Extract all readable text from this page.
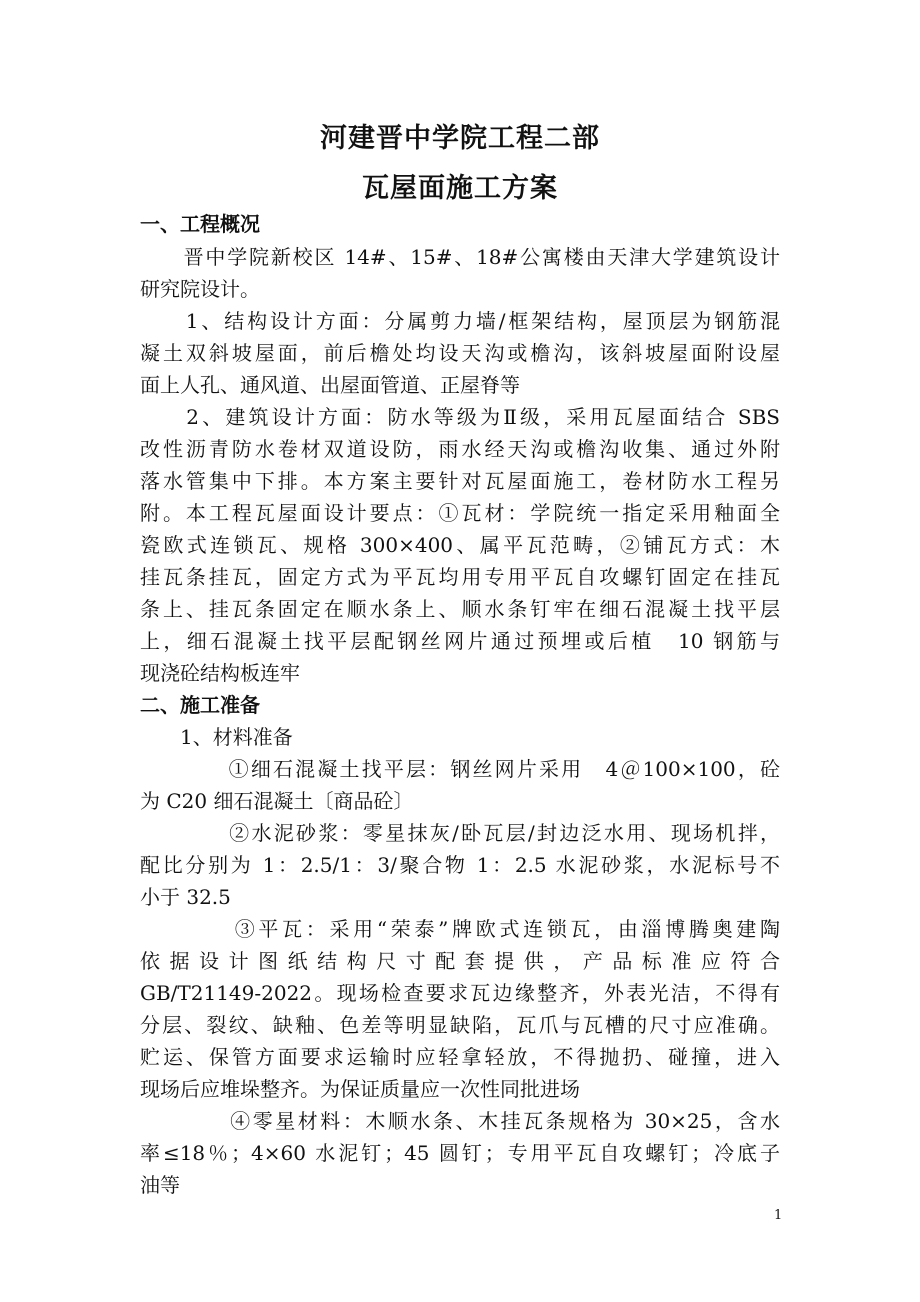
河建晋中学院工程二部
瓦屋面施工方案
一、工程概况
　　晋中学院新校区 14#、15#、18#公寓楼由天津大学建筑设计
研究院设计。
　　1、结构设计方面：分属剪力墙/框架结构，屋顶层为钢筋混
凝土双斜坡屋面，前后檐处均设天沟或檐沟，该斜坡屋面附设屋
面上人孔、通风道、出屋面管道、正屋脊等
　　2、建筑设计方面：防水等级为Ⅱ级，采用瓦屋面结合 SBS
改性沥青防水卷材双道设防，雨水经天沟或檐沟收集、通过外附
落水管集中下排。本方案主要针对瓦屋面施工，卷材防水工程另
附。本工程瓦屋面设计要点：①瓦材：学院统一指定采用釉面全
瓷欧式连锁瓦、规格 300×400、属平瓦范畴，②铺瓦方式：木
挂瓦条挂瓦，固定方式为平瓦均用专用平瓦自攻螺钉固定在挂瓦
条上、挂瓦条固定在顺水条上、顺水条钉牢在细石混凝土找平层
上，细石混凝土找平层配钢丝网片通过预埋或后植　10 钢筋与
现浇砼结构板连牢
二、施工准备
　　1、材料准备
　　　　①细石混凝土找平层：钢丝网片采用　4＠100×100，砼
为 C20 细石混凝土〔商品砼〕
　　　　②水泥砂浆：零星抹灰/卧瓦层/封边泛水用、现场机拌，
配比分别为 1：2.5/1：3/聚合物 1：2.5 水泥砂浆，水泥标号不
小于 32.5
　　　　③平瓦：采用“荣泰”牌欧式连锁瓦，由淄博腾奥建陶
依据设计图纸结构尺寸配套提供，产品标准应符合
GB/T21149-2022。现场检查要求瓦边缘整齐，外表光洁，不得有
分层、裂纹、缺釉、色差等明显缺陷，瓦爪与瓦槽的尺寸应准确。
贮运、保管方面要求运输时应轻拿轻放，不得抛扔、碰撞，进入
现场后应堆垛整齐。为保证质量应一次性同批进场
　　　　④零星材料：木顺水条、木挂瓦条规格为 30×25，含水
率≤18％；4×60 水泥钉；45 圆钉；专用平瓦自攻螺钉；冷底子
油等
1
